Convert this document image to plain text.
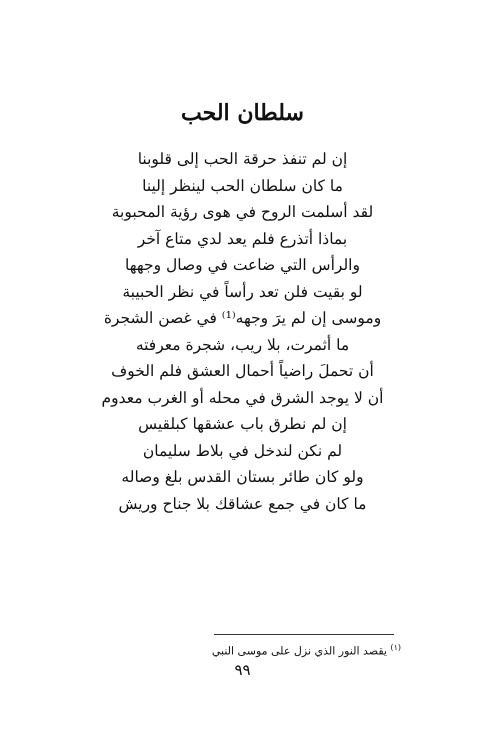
سلطان الحب
إن لم تنفذ حرقة الحب إلى قلوبنا
ما كان سلطان الحب لينظر إلينا
لقد أسلمت الروح في هوى رؤية المحبوبة
بماذا أتذرع فلم يعد لدي متاع آخر
والرأس التي ضاعت في وصال وجهها
لو بقيت فلن تعد رأساً في نظر الحبيبة
وموسى إن لم يرَ وجهه⁽¹⁾ في غصن الشجرة
ما أثمرت، بلا ريب، شجرة معرفته
أن تحملَ راضياً أحمال العشق فلم الخوف
أن لا يوجد الشرق في محله أو الغرب معدوم
إن لم نطرق باب عشقها كبلقيس
لم نكن لندخل في بلاط سليمان
ولو كان طائر بستان القدس بلغ وصاله
ما كان في جمع عشاقك بلا جناح وريش
$^{(١)}$ يقصد النور الذي نزل على موسى النبي
٩٩
